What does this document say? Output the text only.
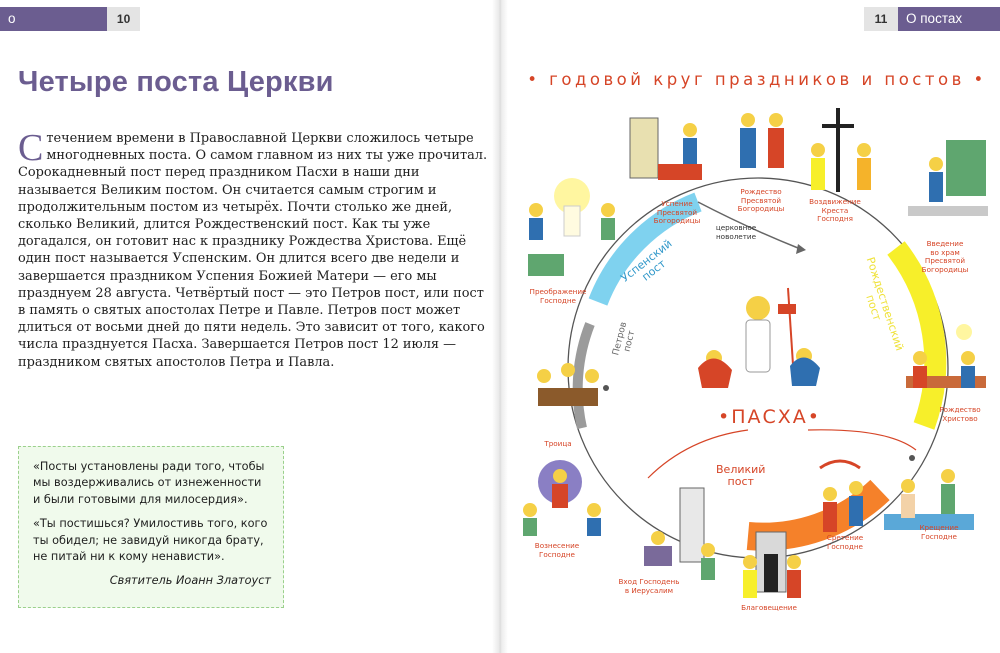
о Православии
10	11	О постах
Четыре поста Церкви
Стечением времени в Православной Церкви сложилось четыре многодневных поста. О самом главном из них ты уже прочитал. Сорокадневный пост перед праздником Пасхи в наши дни называется Великим постом. Он считается самым строгим и продолжительным постом из четырёх. Почти столько же дней, сколько Великий, длится Рождественский пост. Как ты уже догадался, он готовит нас к празднику Рождества Христова. Ещё один пост называется Успенским. Он длится всего две недели и завершается праздником Успения Божией Матери — его мы празднуем 28 августа. Четвёртый пост — это Петров пост, или пост в память о святых апостолах Петре и Павле. Петров пост может длиться от восьми дней до пяти недель. Это зависит от того, какого числа празднуется Пасха. Завершается Петров пост 12 июля — праздником святых апостолов Петра и Павла.

«Посты установлены ради того, чтобы мы воздерживались от изнеженности и были готовыми для милосердия».

«Ты постишься? Умилостивь того, кого ты обидел; не завидуй никогда брату, не питай ни к кому ненависти».

Святитель Иоанн Златоуст
• годовой круг праздников и постов •
•ПАСХА•
Успенский
пост	Рождественский
пост
Великий
пост
Петров
пост
церковное
новолетие
Успение
Пресвятой
Богородицы
Рождество
Пресвятой
Богородицы
Воздвижение
Креста
Господня
Введение
во храм
Пресвятой
Богородицы
Рождество
Христово
Крещение
Господне
Сретение
Господне
Благовещение
Вход Господень
в Иерусалим
Вознесение
Господне
Троица
Преображение
Господне
